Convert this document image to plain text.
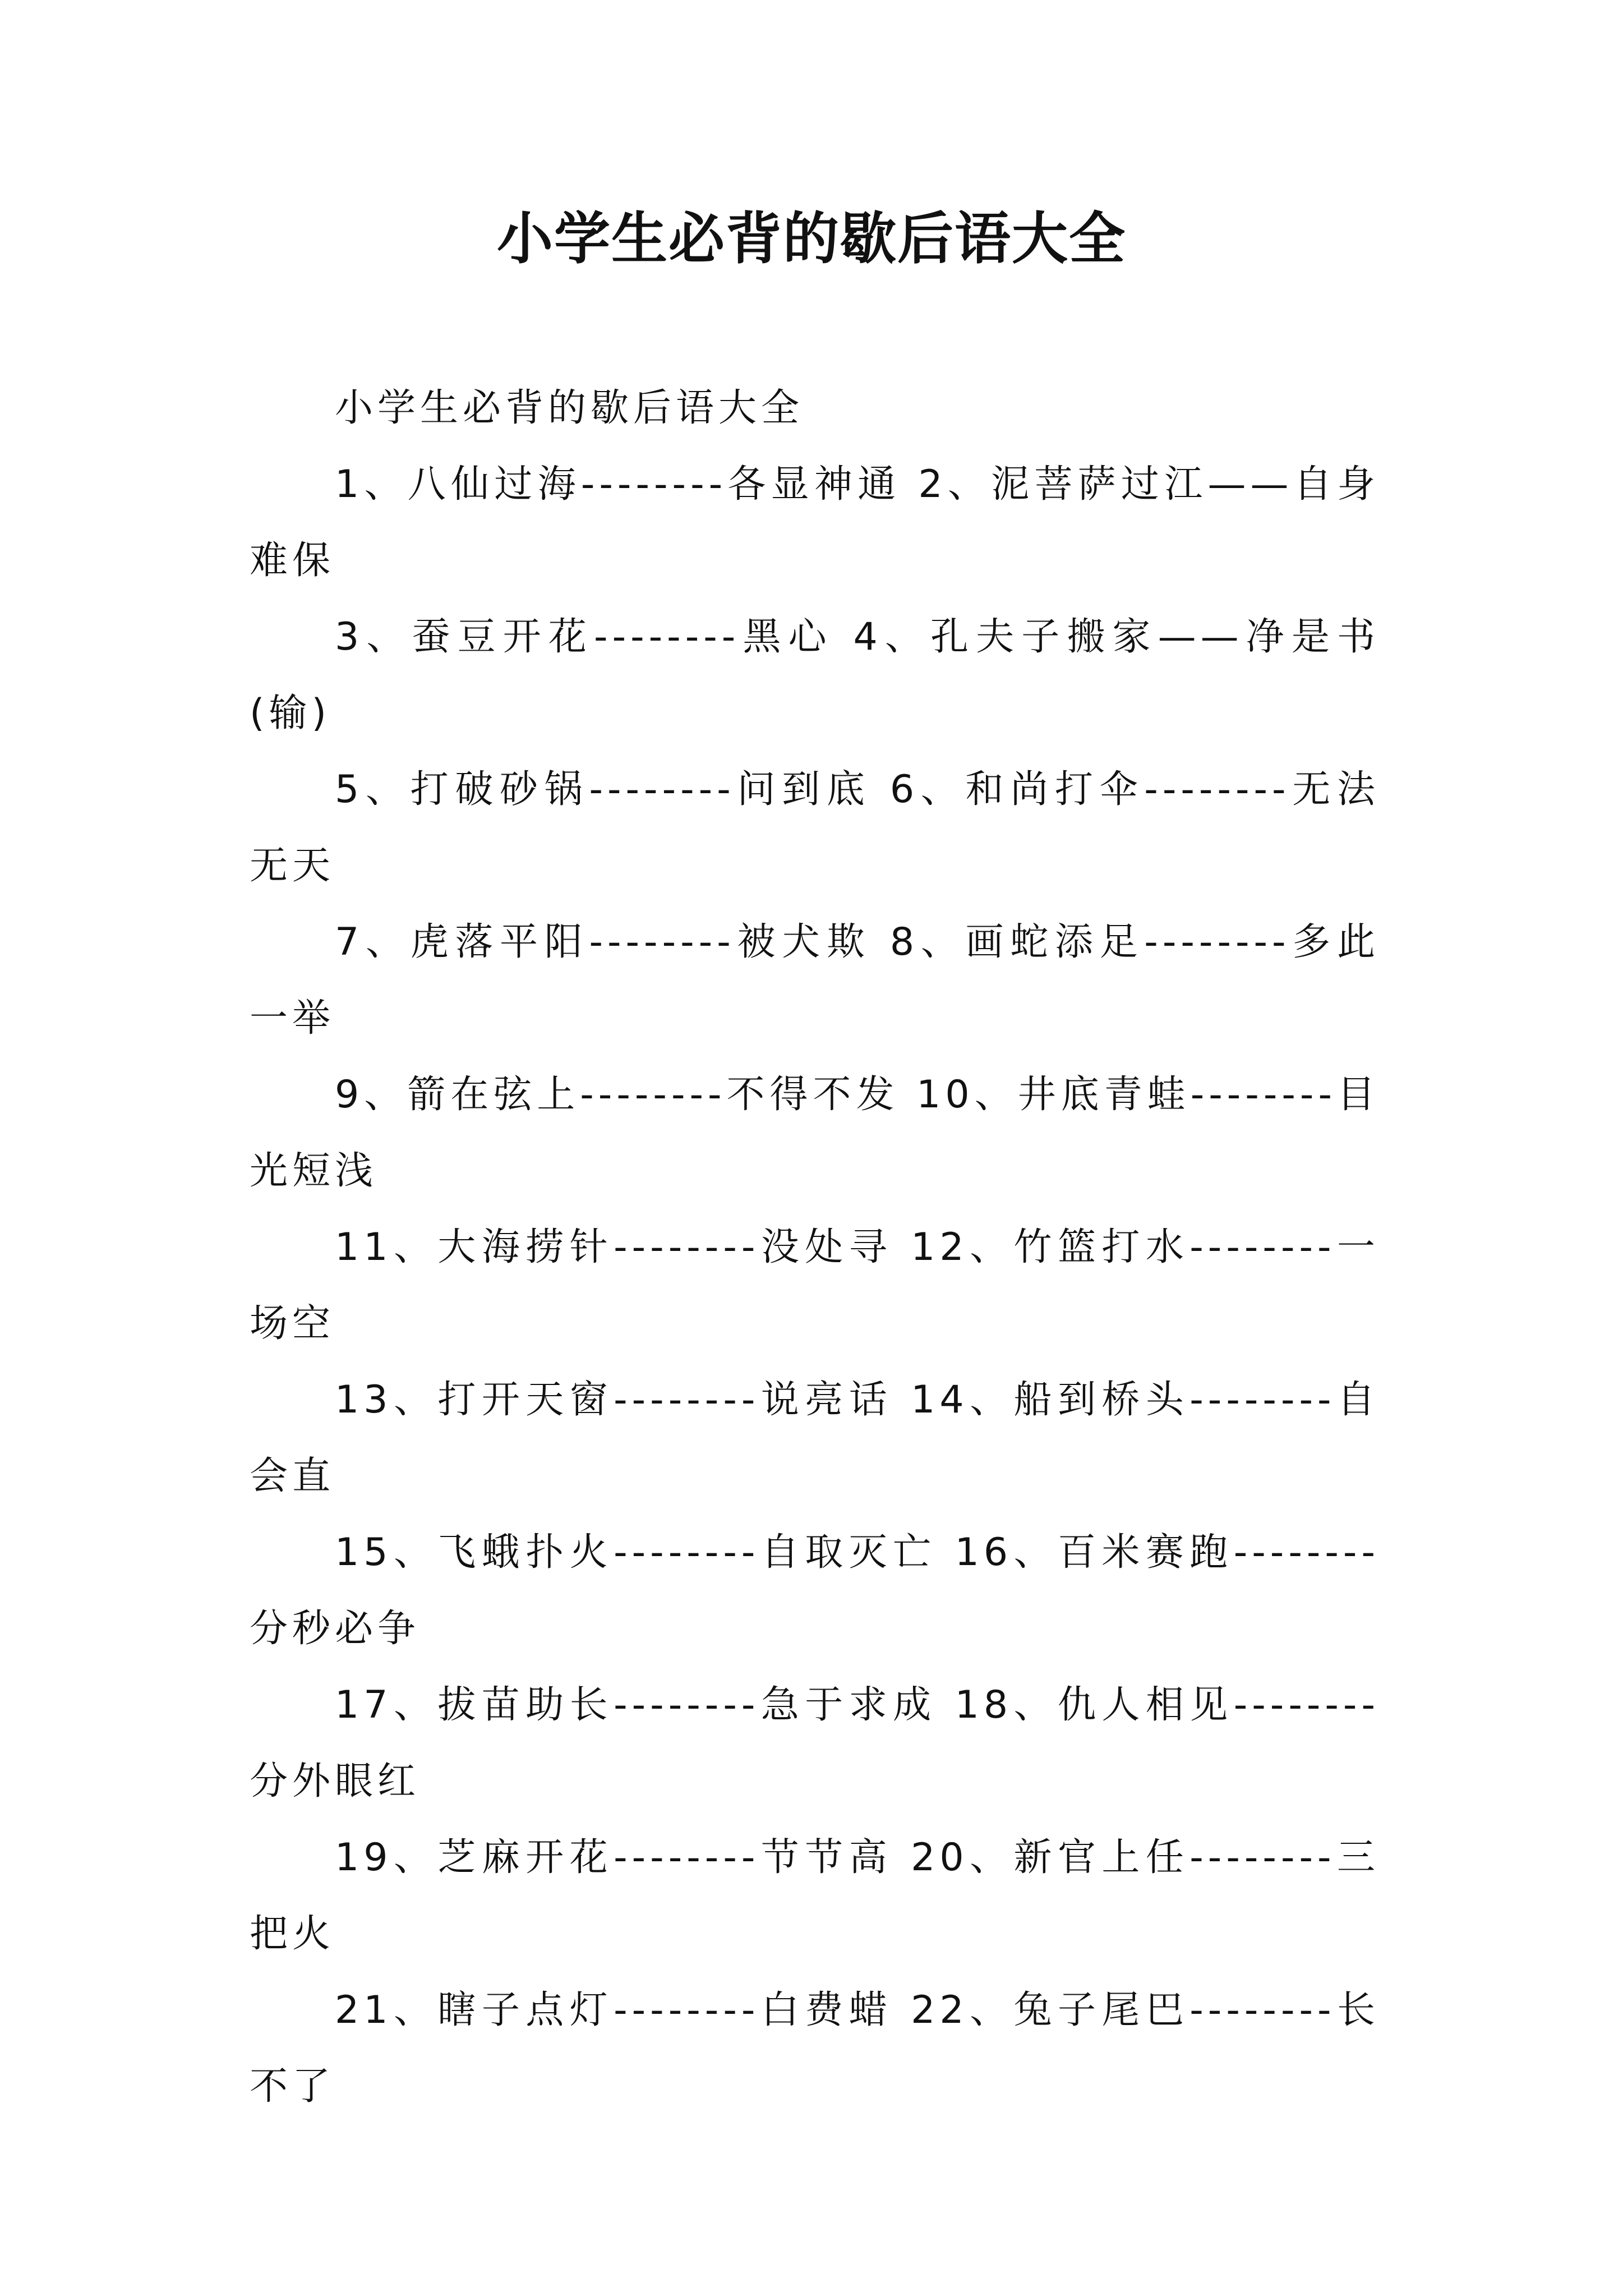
小学生必背的歇后语大全

小学生必背的歇后语大全

1、八仙过海--------各显神通 2、泥菩萨过江——自身难保

3、蚕豆开花--------黑心 4、孔夫子搬家——净是书(输)

5、打破砂锅--------问到底 6、和尚打伞--------无法无天

7、虎落平阳--------被犬欺 8、画蛇添足--------多此一举

9、箭在弦上--------不得不发 10、井底青蛙--------目光短浅

11、大海捞针--------没处寻 12、竹篮打水--------一场空

13、打开天窗--------说亮话 14、船到桥头--------自会直

15、飞蛾扑火--------自取灭亡 16、百米赛跑--------分秒必争

17、拔苗助长--------急于求成 18、仇人相见--------分外眼红

19、芝麻开花--------节节高 20、新官上任--------三把火

21、瞎子点灯--------白费蜡 22、兔子尾巴--------长不了
